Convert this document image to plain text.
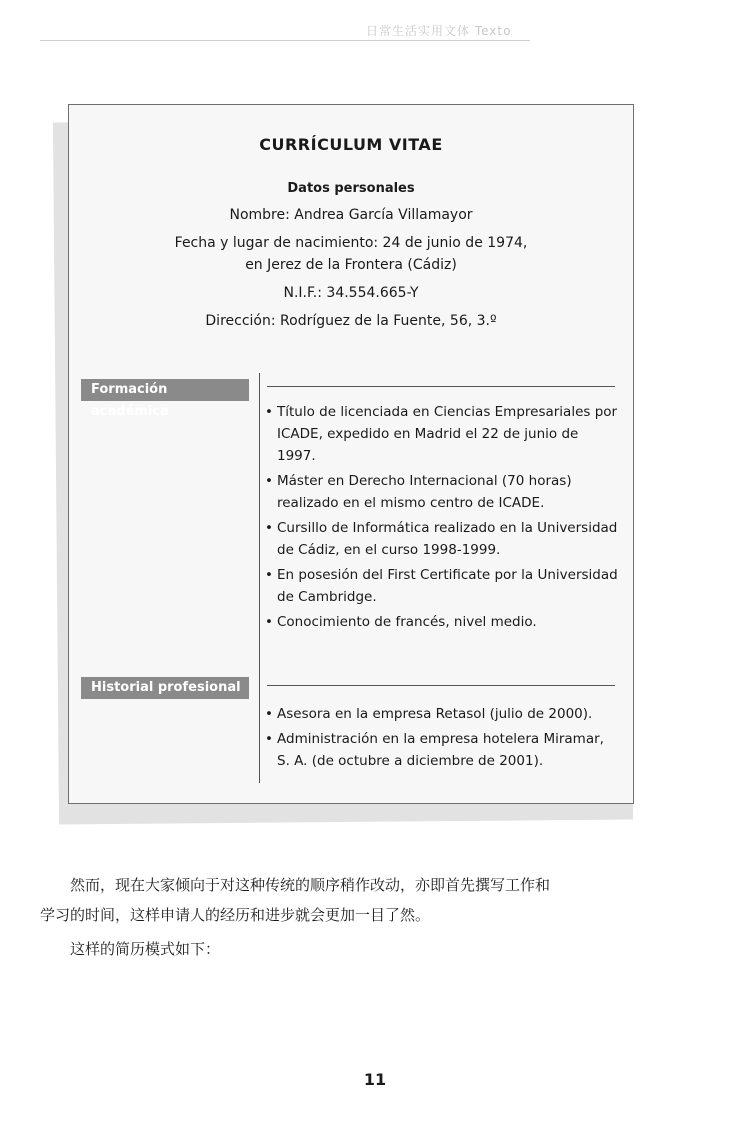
日常生活实用文体 Texto
CURRÍCULUM VITAE
Datos personales
Nombre: Andrea García Villamayor
Fecha y lugar de nacimiento: 24 de junio de 1974,
en Jerez de la Frontera (Cádiz)
N.I.F.: 34.554.665-Y
Dirección: Rodríguez de la Fuente, 56, 3.º
Formación académica
•	Título de licenciada en Ciencias Empresariales por ICADE, expedido en Madrid el 22 de junio de 1997.
• Máster en Derecho Internacional (70 horas) realizado en el mismo centro de ICADE.
• Cursillo de Informática realizado en la Universidad de Cádiz, en el curso 1998-1999.
• En posesión del First Certificate por la Universidad de Cambridge.
• Conocimiento de francés, nivel medio.
Historial profesional
• Asesora en la empresa Retasol (julio de 2000).
• Administración en la empresa hotelera Miramar, S. A. (de octubre a diciembre de 2001).
然而，现在大家倾向于对这种传统的顺序稍作改动，亦即首先撰写工作和
学习的时间，这样申请人的经历和进步就会更加一目了然。
这样的简历模式如下：
11
